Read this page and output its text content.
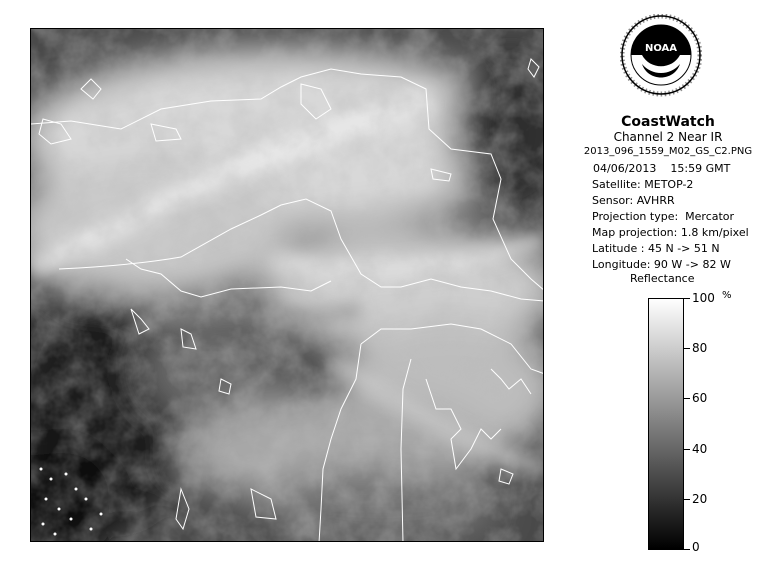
NOAA
CoastWatch
Channel 2 Near IR
2013_096_1559_M02_GS_C2.PNG
04/06/2013    15:59 GMT
Satellite: METOP-2
Sensor: AVHRR
Projection type:  Mercator
Map projection: 1.8 km/pixel
Latitude : 45 N -> 51 N
Longitude: 90 W -> 82 W
Reflectance
%
100
80
60
40
20
0
